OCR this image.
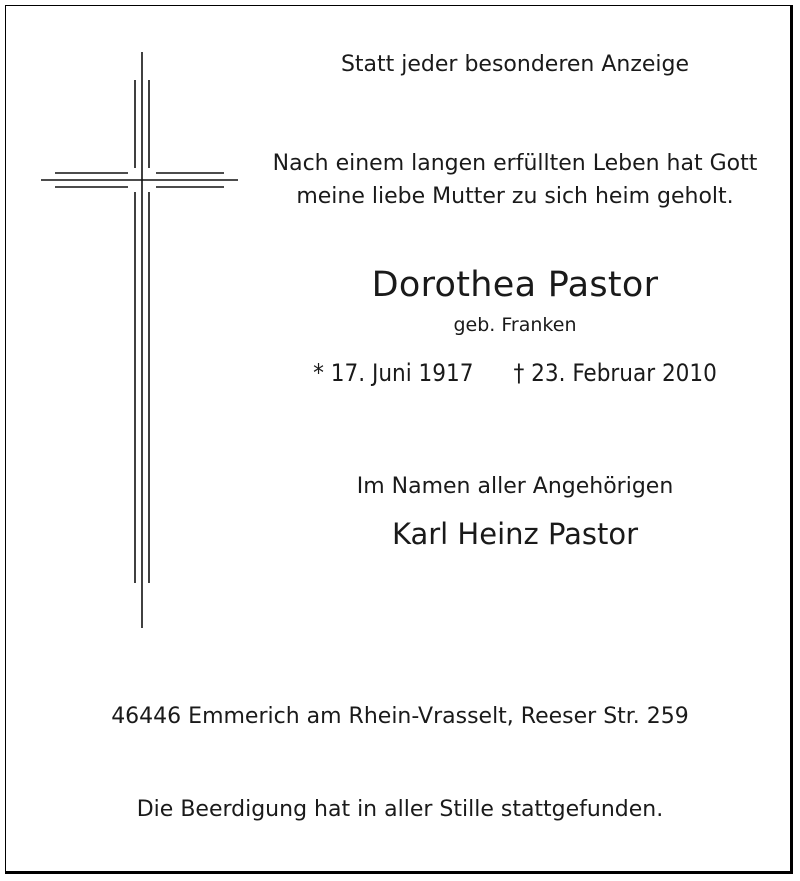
Statt jeder besonderen Anzeige
Nach einem langen erfüllten Leben hat Gott
meine liebe Mutter zu sich heim geholt.
Dorothea Pastor
geb. Franken
* 17. Juni 1917 † 23. Februar 2010
Im Namen aller Angehörigen
Karl Heinz Pastor
46446 Emmerich am Rhein-Vrasselt, Reeser Str. 259
Die Beerdigung hat in aller Stille stattgefunden.
